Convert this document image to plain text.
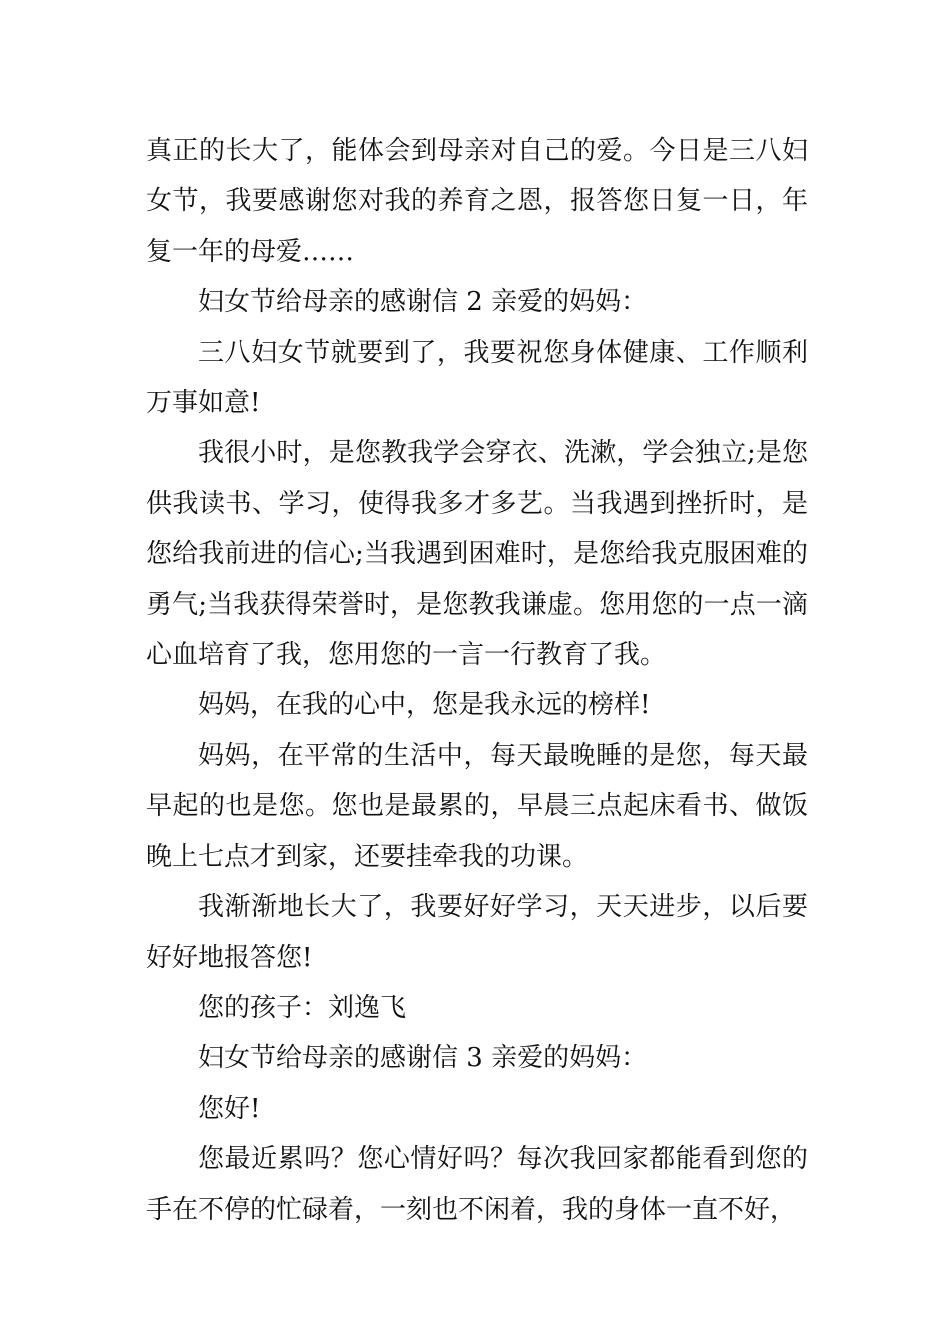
真正的长大了，能体会到母亲对自己的爱。今日是三八妇女节，我要感谢您对我的养育之恩，报答您日复一日，年复一年的母爱……

妇女节给母亲的感谢信 2 亲爱的妈妈：

三八妇女节就要到了，我要祝您身体健康、工作顺利万事如意!

我很小时，是您教我学会穿衣、洗漱，学会独立;是您供我读书、学习，使得我多才多艺。当我遇到挫折时，是您给我前进的信心;当我遇到困难时，是您给我克服困难的勇气;当我获得荣誉时，是您教我谦虚。您用您的一点一滴心血培育了我，您用您的一言一行教育了我。

妈妈，在我的心中，您是我永远的榜样!

妈妈，在平常的生活中，每天最晚睡的是您，每天最早起的也是您。您也是最累的，早晨三点起床看书、做饭晚上七点才到家，还要挂牵我的功课。

我渐渐地长大了，我要好好学习，天天进步，以后要好好地报答您!

您的孩子：刘逸飞

妇女节给母亲的感谢信 3 亲爱的妈妈：

您好!

您最近累吗？您心情好吗？每次我回家都能看到您的手在不停的忙碌着，一刻也不闲着，我的身体一直不好，
